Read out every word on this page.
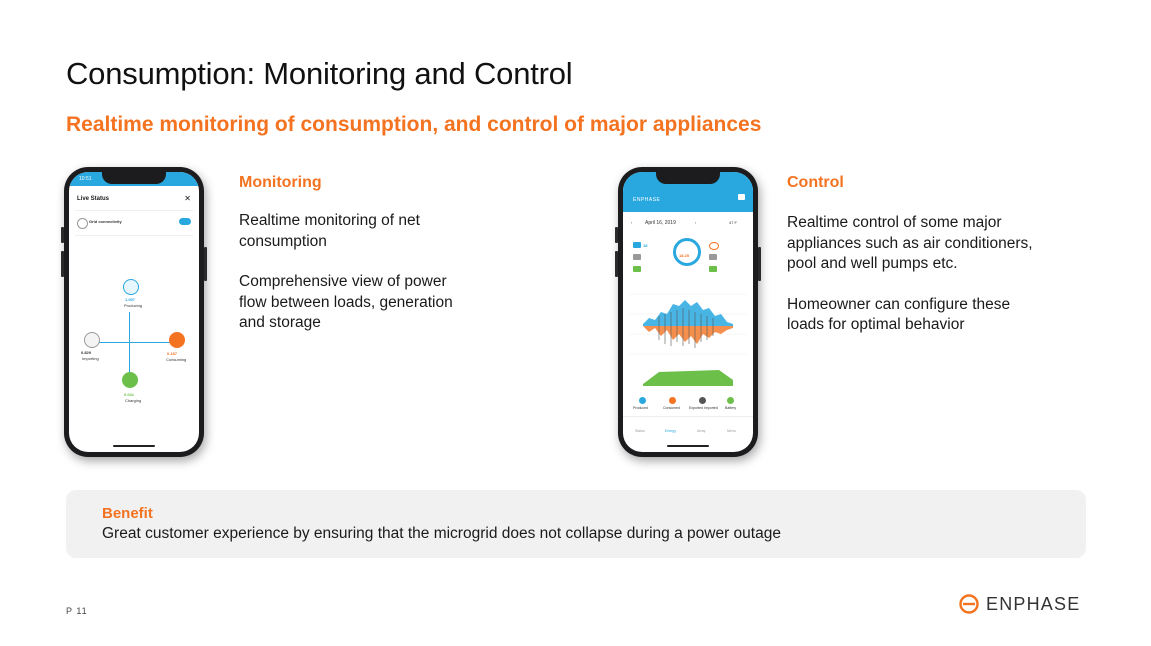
Consumption: Monitoring and Control
Realtime monitoring of consumption, and control of major appliances
10:51
Live Status	✕
Grid connectivity
1.057
Producing
0.829
Importing
0.187
Consuming
0.041
Charging
Monitoring

Realtime monitoring of net consumption

Comprehensive view of power flow between loads, generation and storage

ENPHASE
‹	April 16, 2019	›	47 F
18.25
18
Produced	Consumed	Exported Imported Battery
Status	Energy	Array	Menu
Control

Realtime control of some major appliances such as air conditioners, pool and well pumps etc.

Homeowner can configure these loads for optimal behavior

Benefit
Great customer experience by ensuring that the microgrid does not collapse during a power outage
P 11	ENPHASE
